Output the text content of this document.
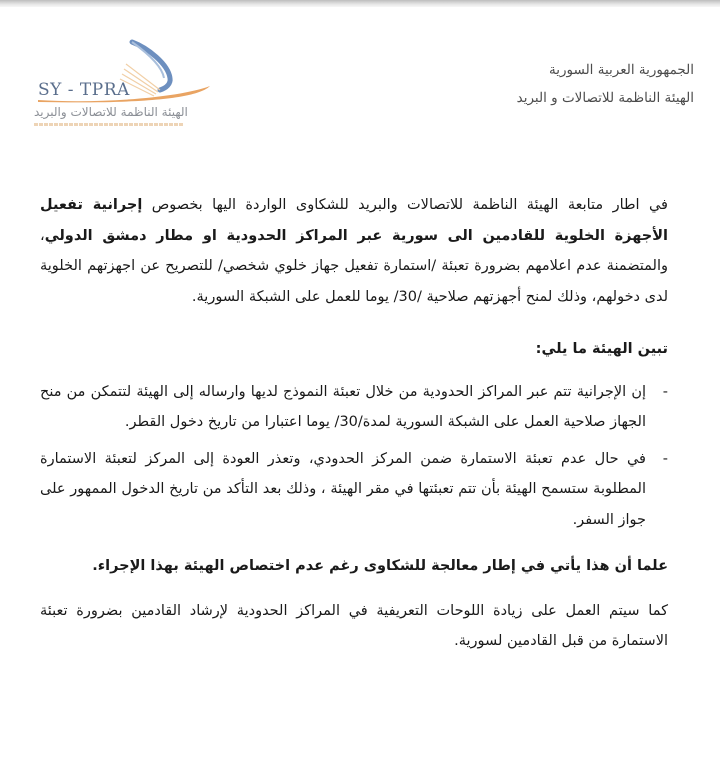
SY - TPRA
الهيئة الناظمة للاتصالات والبريد
الجمهورية العربية السورية
الهيئة الناظمة للاتصالات و البريد

في اطار متابعة الهيئة الناظمة للاتصالات والبريد للشكاوى الواردة اليها بخصوص إجرانية تفعيل الأجهزة الخلوية للقادمين الى سورية عبر المراكز الحدودية او مطار دمشق الدولي، والمتضمنة عدم اعلامهم بضرورة تعبئة /استمارة تفعيل جهاز خلوي شخصي/ للتصريح عن اجهزتهم الخلوية لدى دخولهم، وذلك لمنح أجهزتهم صلاحية /30/ يوما للعمل على الشبكة السورية.

تبين الهيئة ما يلي:

-
إن الإجرانية تتم عبر المراكز الحدودية من خلال تعبئة النموذج لديها وارساله إلى الهيئة لتتمكن من منح الجهاز صلاحية العمل على الشبكة السورية لمدة/30/ يوما اعتبارا من تاريخ دخول القطر.
-
في حال عدم تعبئة الاستمارة ضمن المركز الحدودي، وتعذر العودة إلى المركز لتعبئة الاستمارة المطلوبة ستسمح الهيئة بأن تتم تعبئتها في مقر الهيئة ، وذلك بعد التأكد من تاريخ الدخول الممهور على جواز السفر.

علما أن هذا يأتي في إطار معالجة للشكاوى رغم عدم اختصاص الهيئة بهذا الإجراء.

كما سيتم العمل على زيادة اللوحات التعريفية في المراكز الحدودية لإرشاد القادمين بضرورة تعبئة الاستمارة من قبل القادمين لسورية.
